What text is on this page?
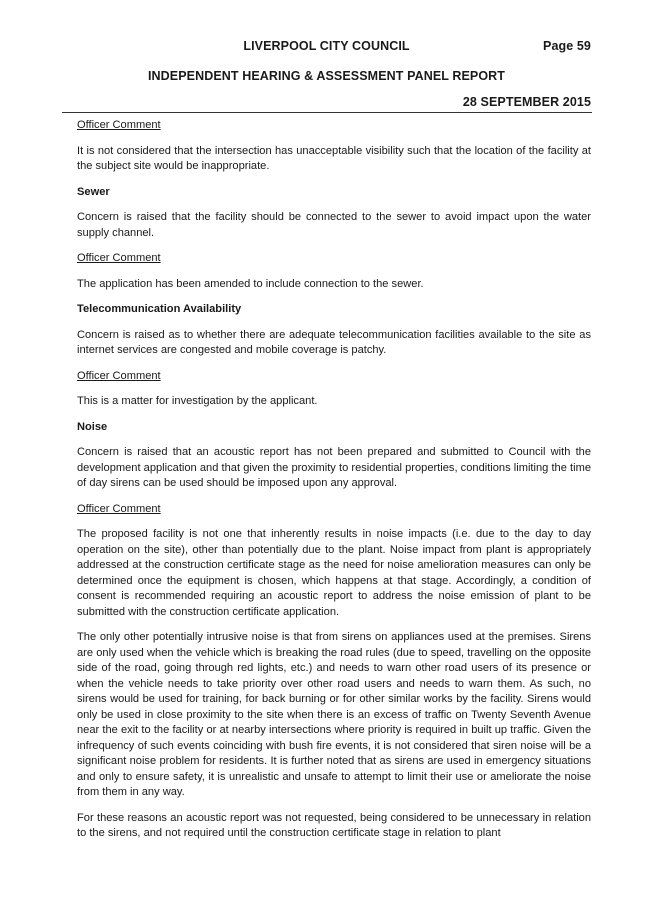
LIVERPOOL CITY COUNCIL	Page 59
INDEPENDENT HEARING & ASSESSMENT PANEL REPORT
28 SEPTEMBER 2015

Officer Comment

It is not considered that the intersection has unacceptable visibility such that the location of the facility at the subject site would be inappropriate.

Sewer

Concern is raised that the facility should be connected to the sewer to avoid impact upon the water supply channel.

Officer Comment

The application has been amended to include connection to the sewer.

Telecommunication Availability

Concern is raised as to whether there are adequate telecommunication facilities available to the site as internet services are congested and mobile coverage is patchy.

Officer Comment

This is a matter for investigation by the applicant.

Noise

Concern is raised that an acoustic report has not been prepared and submitted to Council with the development application and that given the proximity to residential properties, conditions limiting the time of day sirens can be used should be imposed upon any approval.

Officer Comment

The proposed facility is not one that inherently results in noise impacts (i.e. due to the day to day operation on the site), other than potentially due to the plant. Noise impact from plant is appropriately addressed at the construction certificate stage as the need for noise amelioration measures can only be determined once the equipment is chosen, which happens at that stage. Accordingly, a condition of consent is recommended requiring an acoustic report to address the noise emission of plant to be submitted with the construction certificate application.

The only other potentially intrusive noise is that from sirens on appliances used at the premises. Sirens are only used when the vehicle which is breaking the road rules (due to speed, travelling on the opposite side of the road, going through red lights, etc.) and needs to warn other road users of its presence or when the vehicle needs to take priority over other road users and needs to warn them. As such, no sirens would be used for training, for back burning or for other similar works by the facility. Sirens would only be used in close proximity to the site when there is an excess of traffic on Twenty Seventh Avenue near the exit to the facility or at nearby intersections where priority is required in built up traffic. Given the infrequency of such events coinciding with bush fire events, it is not considered that siren noise will be a significant noise problem for residents. It is further noted that as sirens are used in emergency situations and only to ensure safety, it is unrealistic and unsafe to attempt to limit their use or ameliorate the noise from them in any way.

For these reasons an acoustic report was not requested, being considered to be unnecessary in relation to the sirens, and not required until the construction certificate stage in relation to plant
